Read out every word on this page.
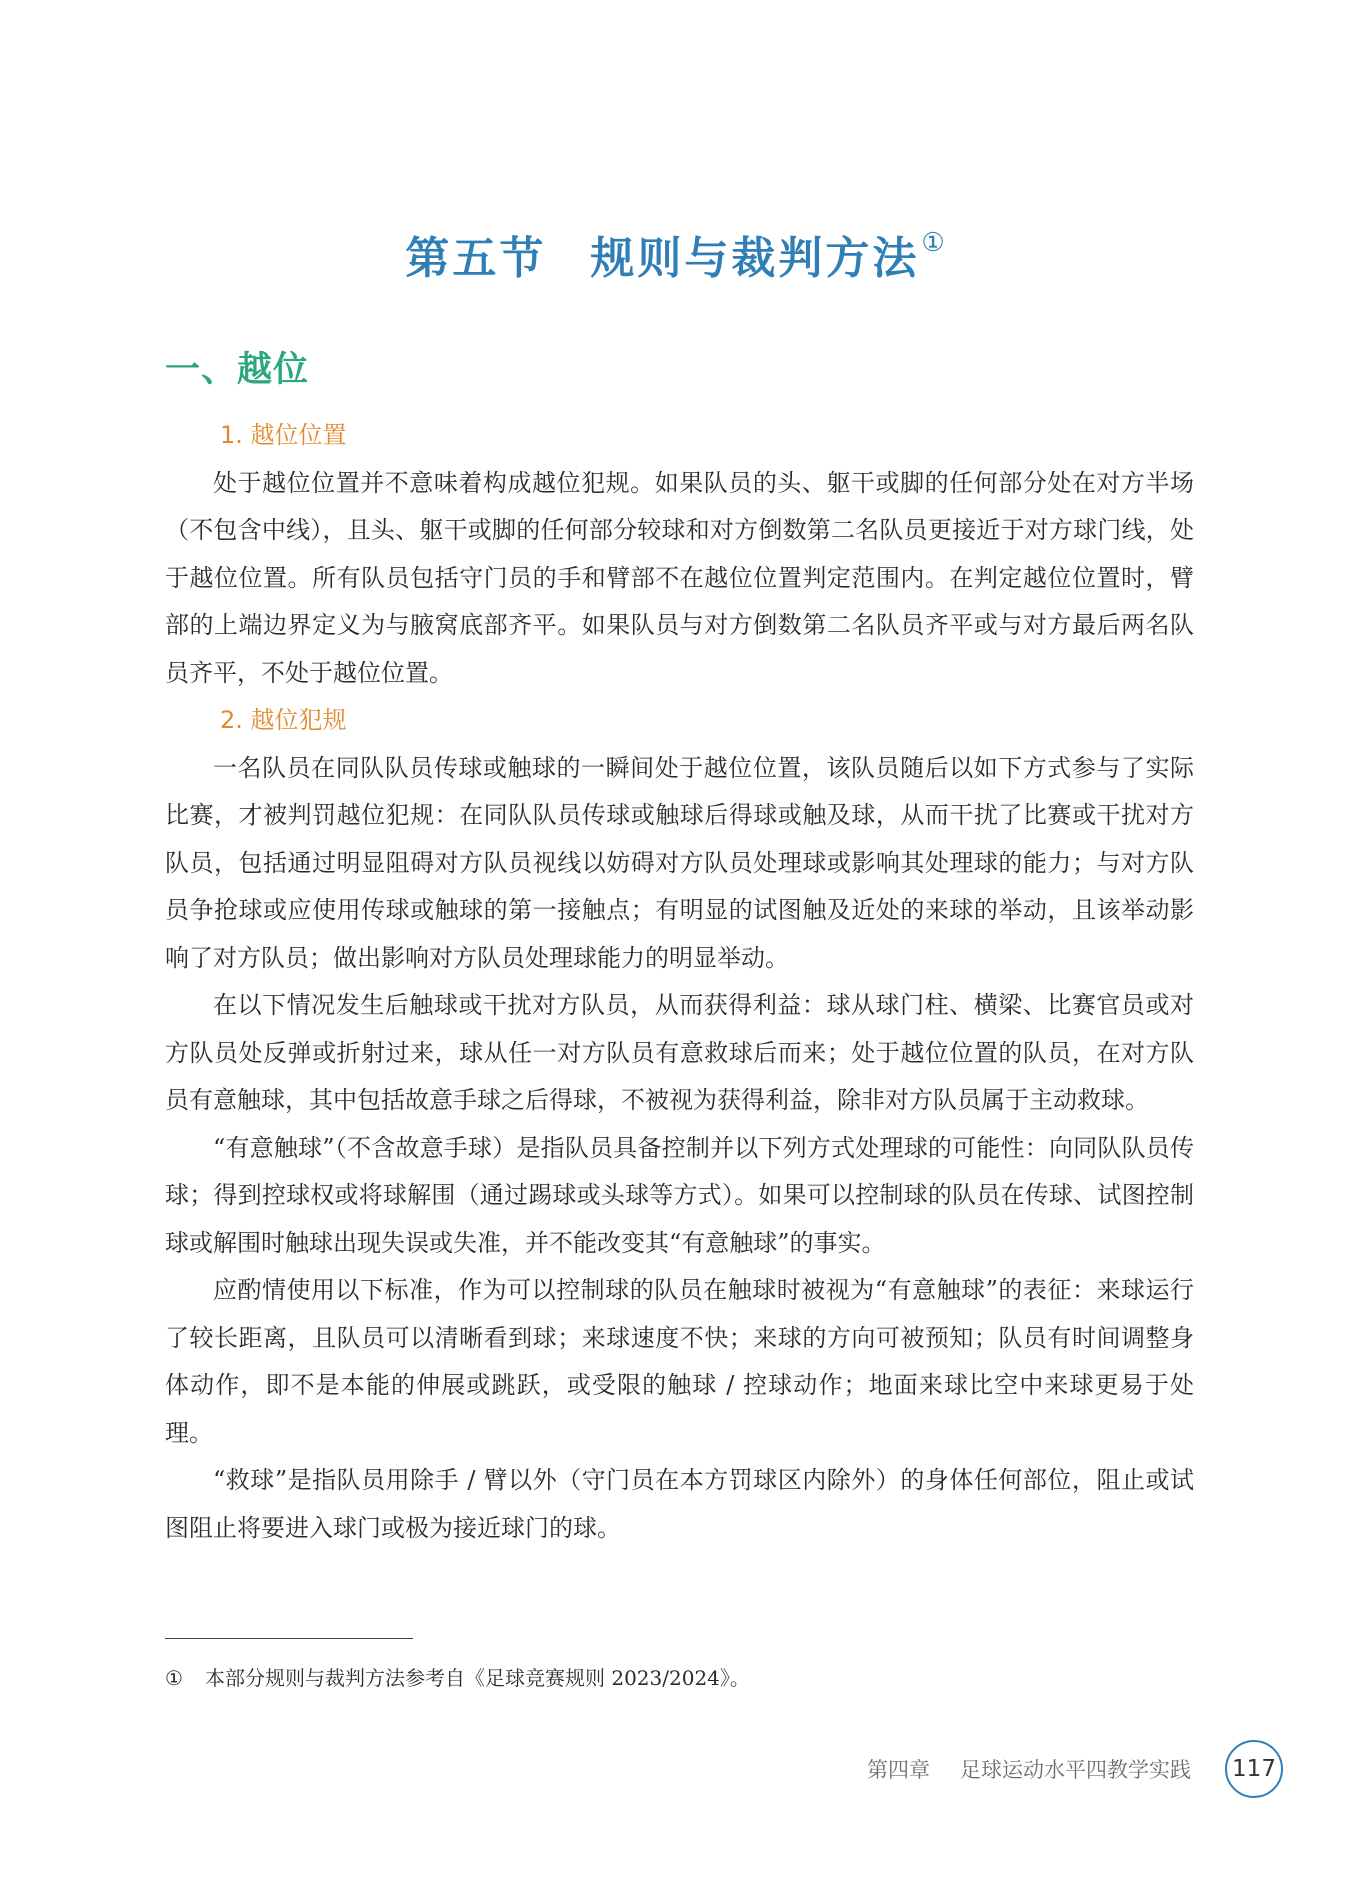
第五节 规则与裁判方法①
一、越位
1. 越位位置

处于越位位置并不意味着构成越位犯规。如果队员的头、躯干或脚的任何部分处在对方半场（不包含中线），且头、躯干或脚的任何部分较球和对方倒数第二名队员更接近于对方球门线，处于越位位置。所有队员包括守门员的手和臂部不在越位位置判定范围内。在判定越位位置时，臂部的上端边界定义为与腋窝底部齐平。如果队员与对方倒数第二名队员齐平或与对方最后两名队员齐平，不处于越位位置。

2. 越位犯规

一名队员在同队队员传球或触球的一瞬间处于越位位置，该队员随后以如下方式参与了实际比赛，才被判罚越位犯规：在同队队员传球或触球后得球或触及球，从而干扰了比赛或干扰对方队员，包括通过明显阻碍对方队员视线以妨碍对方队员处理球或影响其处理球的能力；与对方队员争抢球或应使用传球或触球的第一接触点；有明显的试图触及近处的来球的举动，且该举动影响了对方队员；做出影响对方队员处理球能力的明显举动。

在以下情况发生后触球或干扰对方队员，从而获得利益：球从球门柱、横梁、比赛官员或对方队员处反弹或折射过来，球从任一对方队员有意救球后而来；处于越位位置的队员，在对方队员有意触球，其中包括故意手球之后得球，不被视为获得利益，除非对方队员属于主动救球。

“有意触球”（不含故意手球）是指队员具备控制并以下列方式处理球的可能性：向同队队员传球；得到控球权或将球解围（通过踢球或头球等方式）。如果可以控制球的队员在传球、试图控制球或解围时触球出现失误或失准，并不能改变其“有意触球”的事实。

应酌情使用以下标准，作为可以控制球的队员在触球时被视为“有意触球”的表征：来球运行了较长距离，且队员可以清晰看到球；来球速度不快；来球的方向可被预知；队员有时间调整身体动作，即不是本能的伸展或跳跃，或受限的触球 / 控球动作；地面来球比空中来球更易于处理。

“救球”是指队员用除手 / 臂以外（守门员在本方罚球区内除外）的身体任何部位，阻止或试图阻止将要进入球门或极为接近球门的球。

① 本部分规则与裁判方法参考自《足球竞赛规则 2023/2024》。
第四章 足球运动水平四教学实践	117
